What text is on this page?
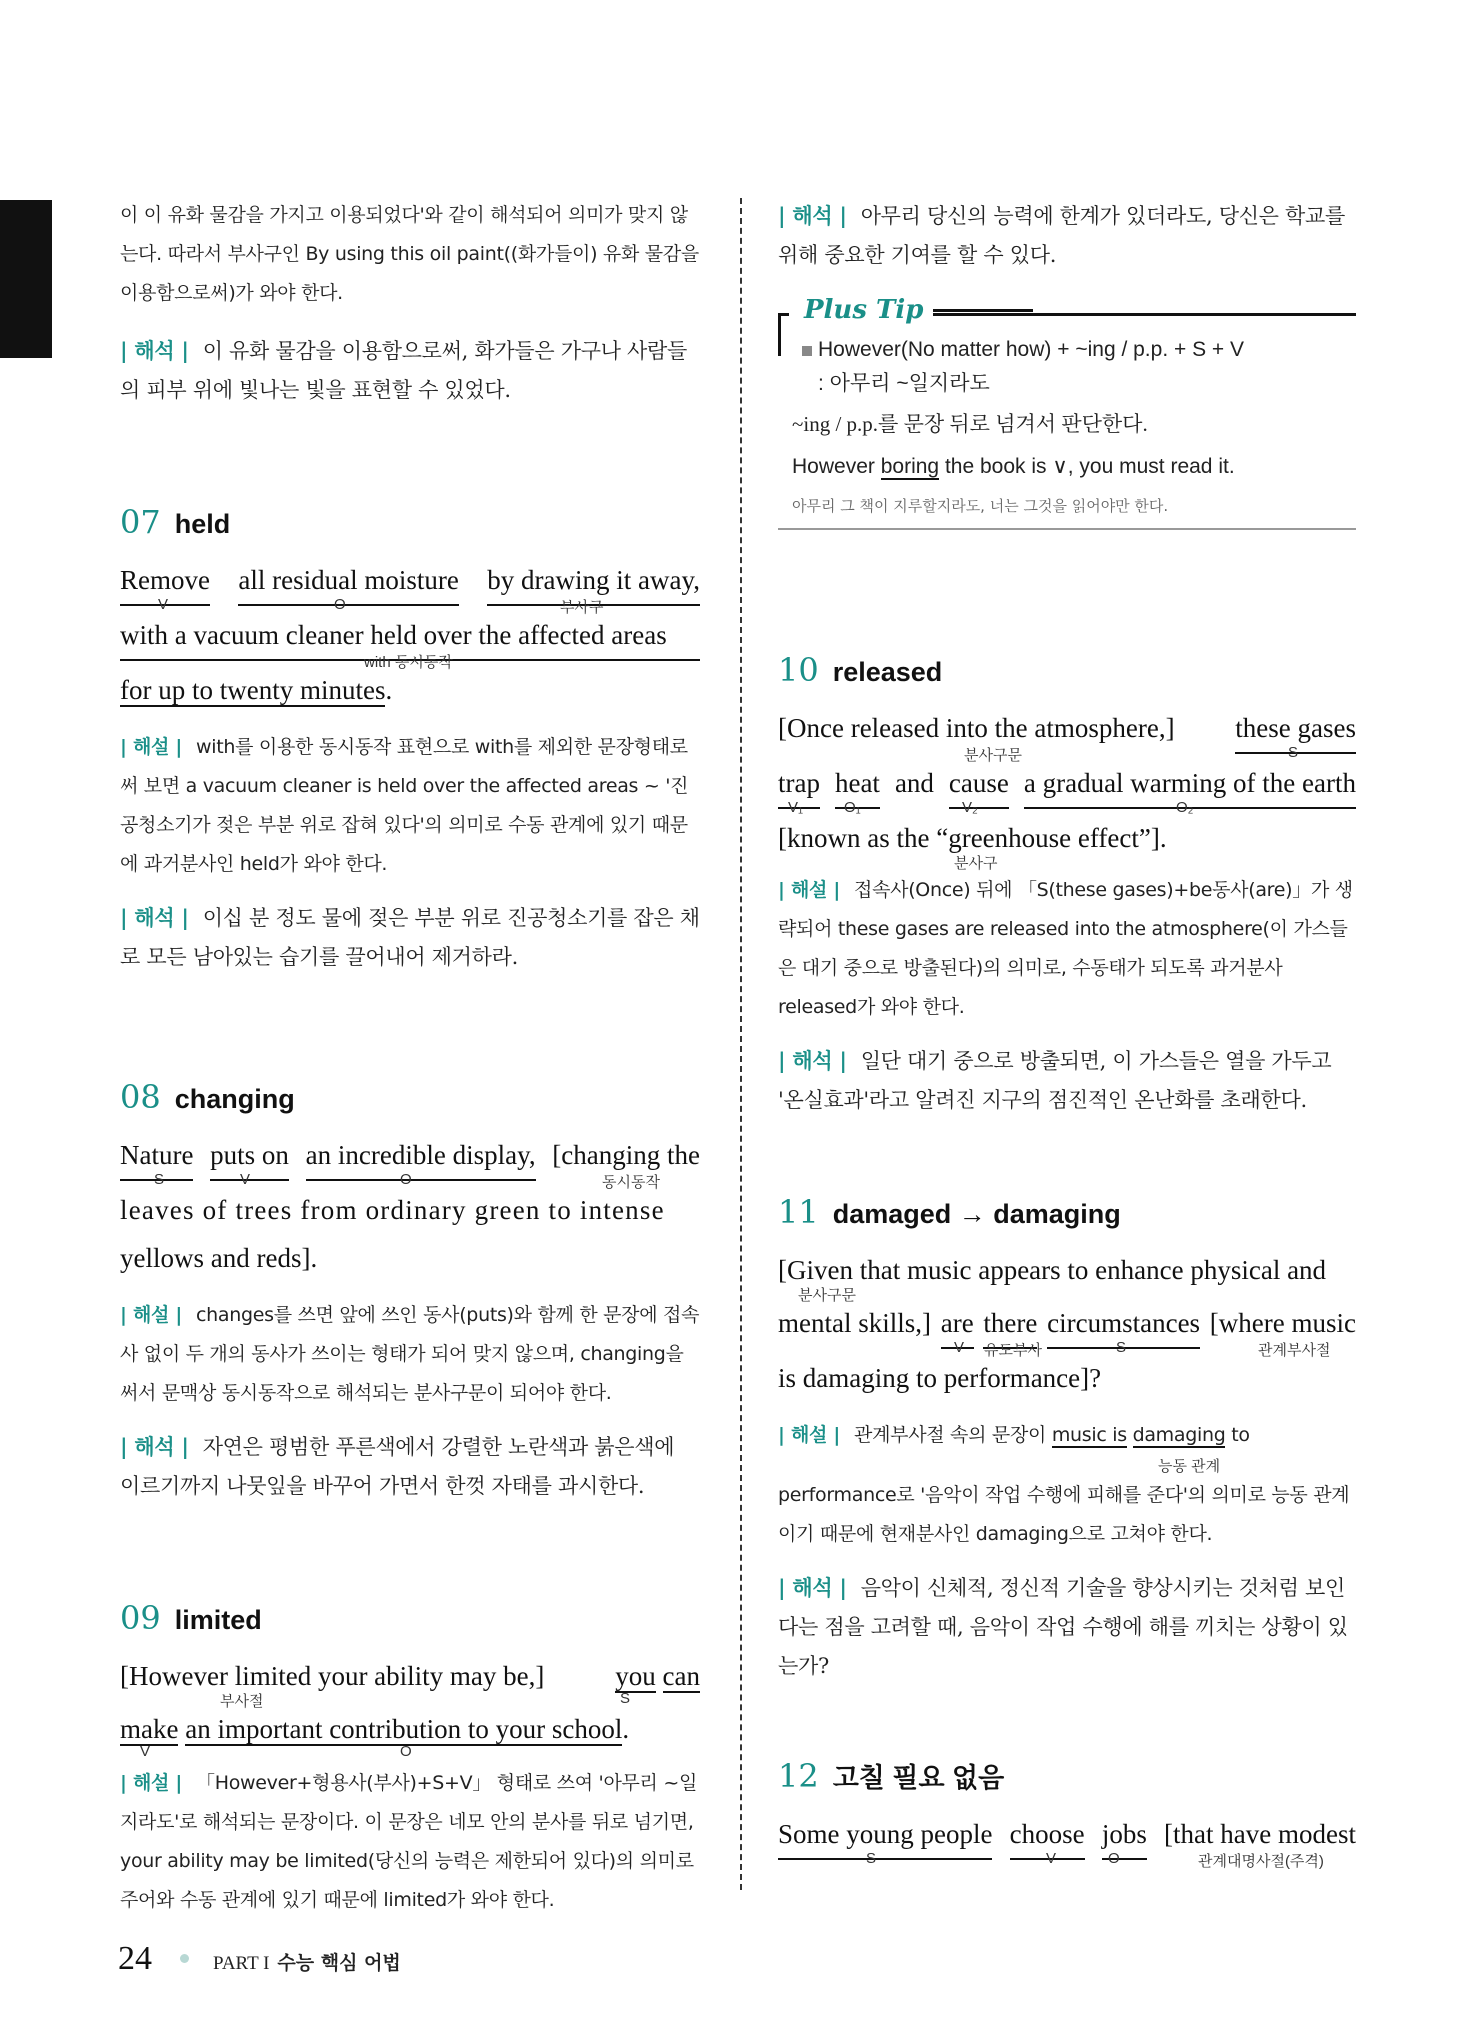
이 이 유화 물감을 가지고 이용되었다'와 같이 해석되어 의미가 맞지 않는다. 따라서 부사구인 By using this oil paint((화가들이) 유화 물감을 이용함으로써)가 와야 한다.

| 해석 | 이 유화 물감을 이용함으로써, 화가들은 가구나 사람들의 피부 위에 빛나는 빛을 표현할 수 있었다.

07 held

Remove all residual moisture by drawing it away,

V	O	부사구

with a vacuum cleaner held over the affected areas

with 동시동작

for up to twenty minutes.

| 해설 | with를 이용한 동시동작 표현으로 with를 제외한 문장형태로 써 보면 a vacuum cleaner is held over the affected areas ~ '진공청소기가 젖은 부분 위로 잡혀 있다'의 의미로 수동 관계에 있기 때문에 과거분사인 held가 와야 한다.

| 해석 | 이십 분 정도 물에 젖은 부분 위로 진공청소기를 잡은 채로 모든 남아있는 습기를 끌어내어 제거하라.

08 changing

Nature puts on an incredible display, [changing the

S	V	O	동시동작

leaves of trees from ordinary green to intense

yellows and reds].

| 해설 | changes를 쓰면 앞에 쓰인 동사(puts)와 함께 한 문장에 접속사 없이 두 개의 동사가 쓰이는 형태가 되어 맞지 않으며, changing을 써서 문맥상 동시동작으로 해석되는 분사구문이 되어야 한다.

| 해석 | 자연은 평범한 푸른색에서 강렬한 노란색과 붉은색에 이르기까지 나뭇잎을 바꾸어 가면서 한껏 자태를 과시한다.

09 limited

[However limited your ability may be,]	you can

부사절	S

make an important contribution to your school.

V	O

| 해설 | 「However+형용사(부사)+S+V」 형태로 쓰여 '아무리 ~일지라도'로 해석되는 문장이다. 이 문장은 네모 안의 분사를 뒤로 넘기면, your ability may be limited(당신의 능력은 제한되어 있다)의 의미로 주어와 수동 관계에 있기 때문에 limited가 와야 한다.

| 해석 | 아무리 당신의 능력에 한계가 있더라도, 당신은 학교를 위해 중요한 기여를 할 수 있다.

Plus Tip

However(No matter how) + ~ing / p.p. + S + V
: 아무리 ~일지라도

~ing / p.p.를 문장 뒤로 넘겨서 판단한다.

However boring the book is ∨, you must read it.

아무리 그 책이 지루할지라도, 너는 그것을 읽어야만 한다.

10 released

[Once released into the atmosphere,] these gases

분사구문	S

trap heat and cause a gradual warming of the earth

V₁	O₁	V₂	O₂

[known as the “greenhouse effect”].

분사구

| 해설 | 접속사(Once) 뒤에 「S(these gases)+be동사(are)」가 생략되어 these gases are released into the atmosphere(이 가스들은 대기 중으로 방출된다)의 의미로, 수동태가 되도록 과거분사 released가 와야 한다.

| 해석 | 일단 대기 중으로 방출되면, 이 가스들은 열을 가두고 '온실효과'라고 알려진 지구의 점진적인 온난화를 초래한다.

11 damaged → damaging

[Given that music appears to enhance physical and

분사구문

mental skills,] are there circumstances [where music

V 유도부사	S	관계부사절

is damaging to performance]?

| 해설 | 관계부사절 속의 문장이 music is damaging to

능동 관계

performance로 '음악이 작업 수행에 피해를 준다'의 의미로 능동 관계이기 때문에 현재분사인 damaging으로 고쳐야 한다.

| 해석 | 음악이 신체적, 정신적 기술을 향상시키는 것처럼 보인다는 점을 고려할 때, 음악이 작업 수행에 해를 끼치는 상황이 있는가?

12 고칠 필요 없음

Some young people choose jobs [that have modest

S	V	O	관계대명사절(주격)
24	PART I 수능 핵심 어법
